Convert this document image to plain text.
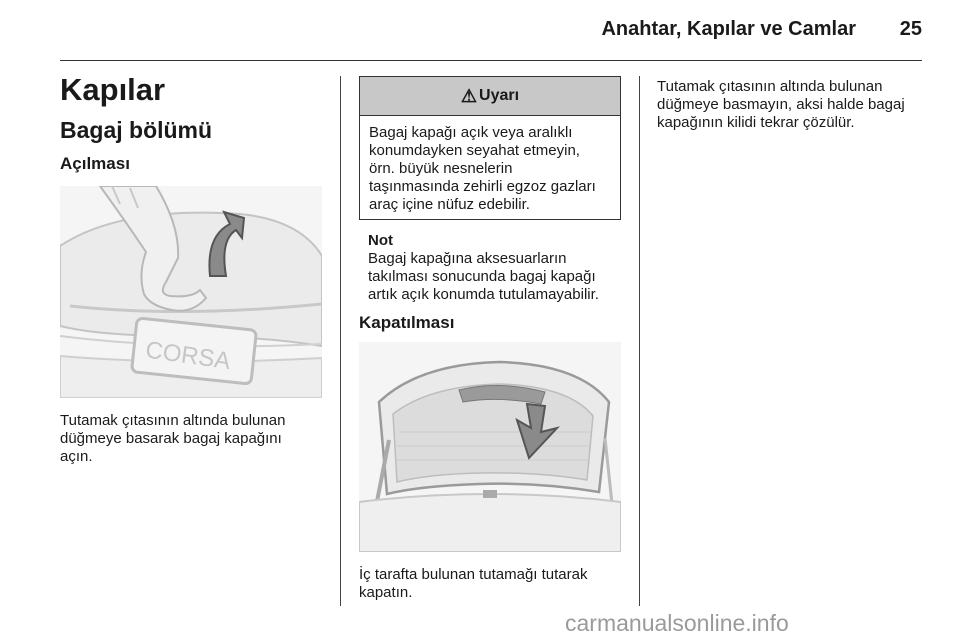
Anahtar, Kapılar ve Camlar	25
Kapılar
Bagaj bölümü
Açılması
CORSA
Tutamak çıtasının altında bulunan
düğmeye basarak bagaj kapağını
açın.
⚠ Uyarı
Bagaj kapağı açık veya aralıklı
konumdayken seyahat etmeyin,
örn. büyük nesnelerin
taşınmasında zehirli egzoz gazları
araç içine nüfuz edebilir.
Not
Bagaj kapağına aksesuarların
takılması sonucunda bagaj kapağı
artık açık konumda tutulamayabilir.
Kapatılması
İç tarafta bulunan tutamağı tutarak
kapatın.
Tutamak çıtasının altında bulunan
düğmeye basmayın, aksi halde bagaj
kapağının kilidi tekrar çözülür.
carmanualsonline.info
